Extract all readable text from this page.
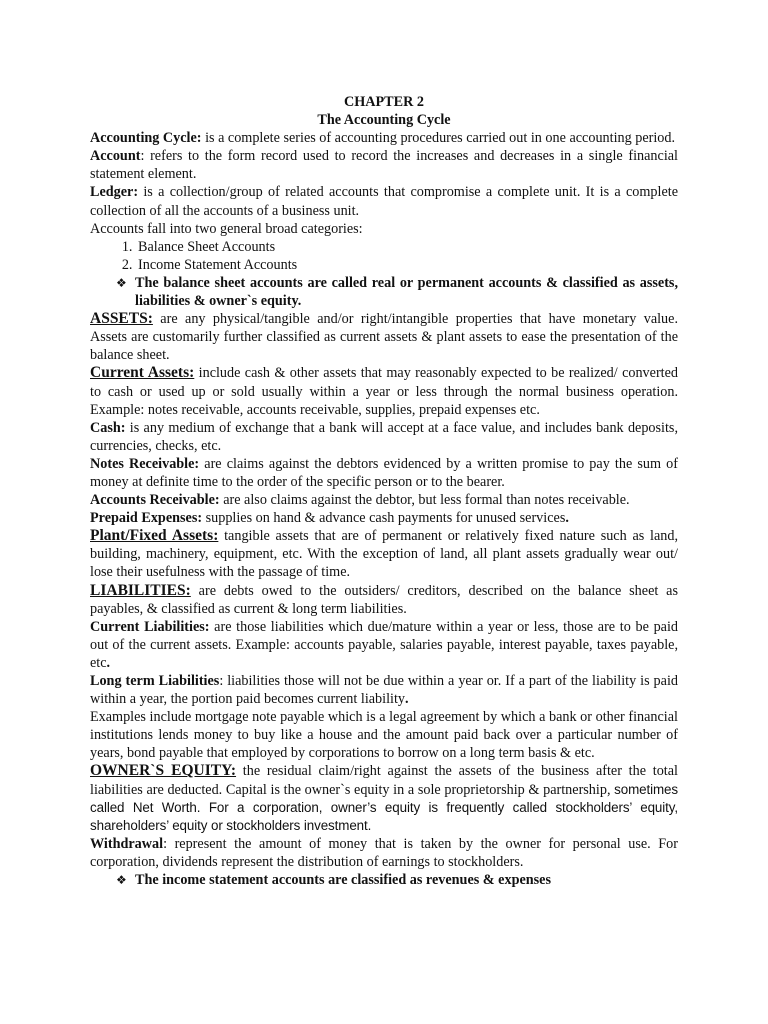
CHAPTER 2
The Accounting Cycle

Accounting Cycle: is a complete series of accounting procedures carried out in one accounting period.

Account: refers to the form record used to record the increases and decreases in a single financial statement element.

Ledger: is a collection/group of related accounts that compromise a complete unit. It is a complete collection of all the accounts of a business unit.

Accounts fall into two general broad categories:

1. Balance Sheet Accounts
2. Income Statement Accounts
❖ The balance sheet accounts are called real or permanent accounts & classified as assets, liabilities & owner`s equity.

ASSETS: are any physical/tangible and/or right/intangible properties that have monetary value. Assets are customarily further classified as current assets & plant assets to ease the presentation of the balance sheet.

Current Assets: include cash & other assets that may reasonably expected to be realized/ converted to cash or used up or sold usually within a year or less through the normal business operation. Example: notes receivable, accounts receivable, supplies, prepaid expenses etc.

Cash: is any medium of exchange that a bank will accept at a face value, and includes bank deposits, currencies, checks, etc.

Notes Receivable: are claims against the debtors evidenced by a written promise to pay the sum of money at definite time to the order of the specific person or to the bearer.

Accounts Receivable: are also claims against the debtor, but less formal than notes receivable.

Prepaid Expenses: supplies on hand & advance cash payments for unused services.

Plant/Fixed Assets: tangible assets that are of permanent or relatively fixed nature such as land, building, machinery, equipment, etc. With the exception of land, all plant assets gradually wear out/ lose their usefulness with the passage of time.

LIABILITIES: are debts owed to the outsiders/ creditors, described on the balance sheet as payables, & classified as current & long term liabilities.

Current Liabilities: are those liabilities which due/mature within a year or less, those are to be paid out of the current assets. Example: accounts payable, salaries payable, interest payable, taxes payable, etc.

Long term Liabilities: liabilities those will not be due within a year or. If a part of the liability is paid within a year, the portion paid becomes current liability.

Examples include mortgage note payable which is a legal agreement by which a bank or other financial institutions lends money to buy like a house and the amount paid back over a particular number of years, bond payable that employed by corporations to borrow on a long term basis & etc.

OWNER`S EQUITY: the residual claim/right against the assets of the business after the total liabilities are deducted. Capital is the owner`s equity in a sole proprietorship & partnership, sometimes called Net Worth. For a corporation, owner’s equity is frequently called stockholders’ equity, shareholders’ equity or stockholders investment.

Withdrawal: represent the amount of money that is taken by the owner for personal use. For corporation, dividends represent the distribution of earnings to stockholders.

❖ The income statement accounts are classified as revenues & expenses
